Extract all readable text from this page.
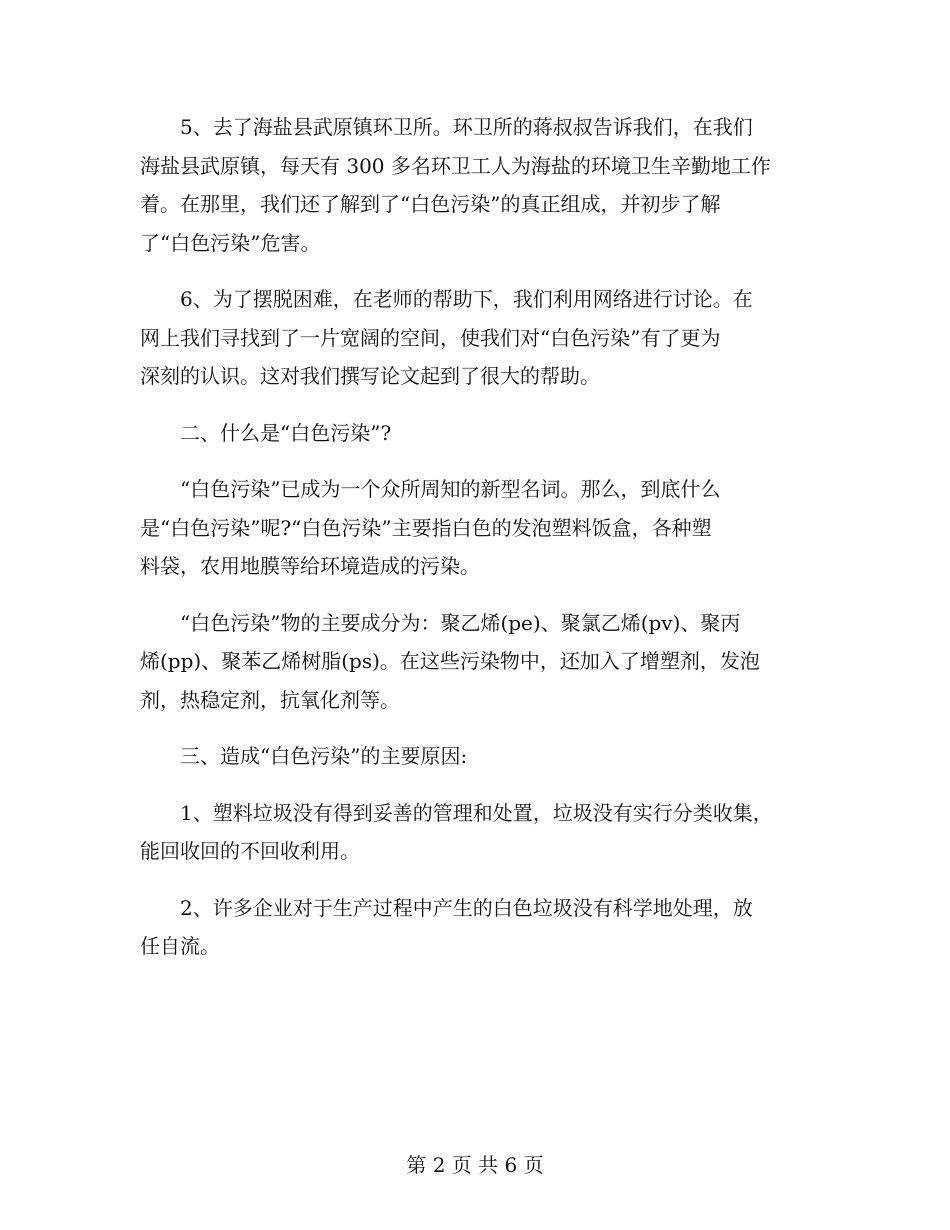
5、去了海盐县武原镇环卫所。环卫所的蒋叔叔告诉我们，在我们
海盐县武原镇，每天有 300 多名环卫工人为海盐的环境卫生辛勤地工作
着。在那里，我们还了解到了“白色污染”的真正组成，并初步了解
了“白色污染”危害。
6、为了摆脱困难，在老师的帮助下，我们利用网络进行讨论。在
网上我们寻找到了一片宽阔的空间，使我们对“白色污染”有了更为
深刻的认识。这对我们撰写论文起到了很大的帮助。
二、什么是“白色污染”?
“白色污染”已成为一个众所周知的新型名词。那么，到底什么
是“白色污染”呢?“白色污染”主要指白色的发泡塑料饭盒，各种塑
料袋，农用地膜等给环境造成的污染。
“白色污染”物的主要成分为：聚乙烯(pe)、聚氯乙烯(pv)、聚丙
烯(pp)、聚苯乙烯树脂(ps)。在这些污染物中，还加入了增塑剂，发泡
剂，热稳定剂，抗氧化剂等。
三、造成“白色污染”的主要原因:
1、塑料垃圾没有得到妥善的管理和处置，垃圾没有实行分类收集，
能回收回的不回收利用。
2、许多企业对于生产过程中产生的白色垃圾没有科学地处理，放
任自流。
第 2 页 共 6 页
